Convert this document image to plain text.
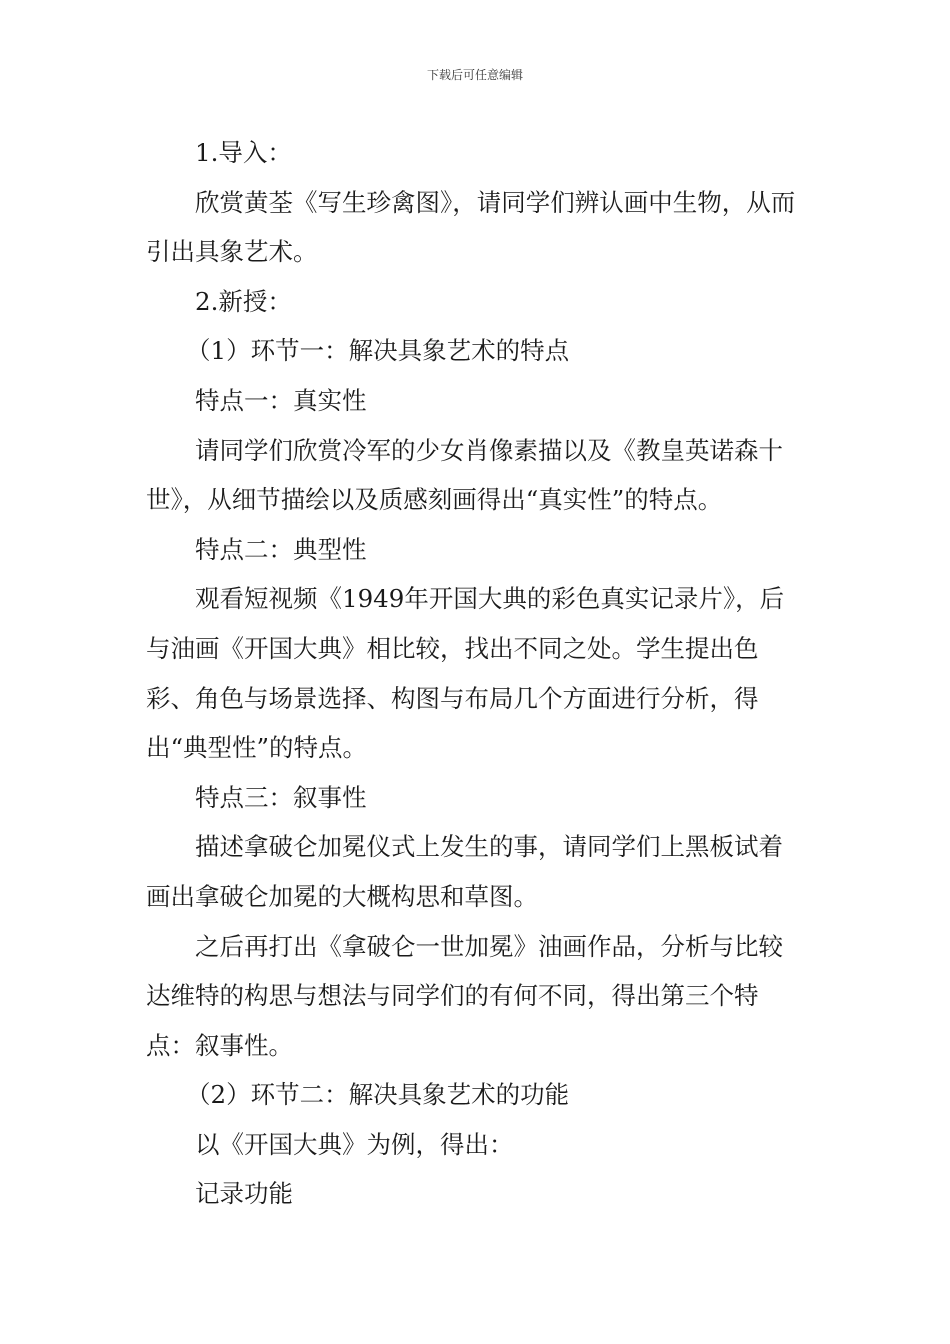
下载后可任意编辑

1.导入：

欣赏黄荃《写生珍禽图》，请同学们辨认画中生物，从而引出具象艺术。

2.新授：

（1）环节一：解决具象艺术的特点

特点一：真实性

请同学们欣赏冷军的少女肖像素描以及《教皇英诺森十世》，从细节描绘以及质感刻画得出“真实性”的特点。

特点二：典型性

观看短视频《1949年开国大典的彩色真实记录片》，后与油画《开国大典》相比较，找出不同之处。学生提出色彩、角色与场景选择、构图与布局几个方面进行分析，得出“典型性”的特点。

特点三：叙事性

描述拿破仑加冕仪式上发生的事，请同学们上黑板试着画出拿破仑加冕的大概构思和草图。

之后再打出《拿破仑一世加冕》油画作品，分析与比较达维特的构思与想法与同学们的有何不同，得出第三个特点：叙事性。

（2）环节二：解决具象艺术的功能

以《开国大典》为例，得出：

记录功能
